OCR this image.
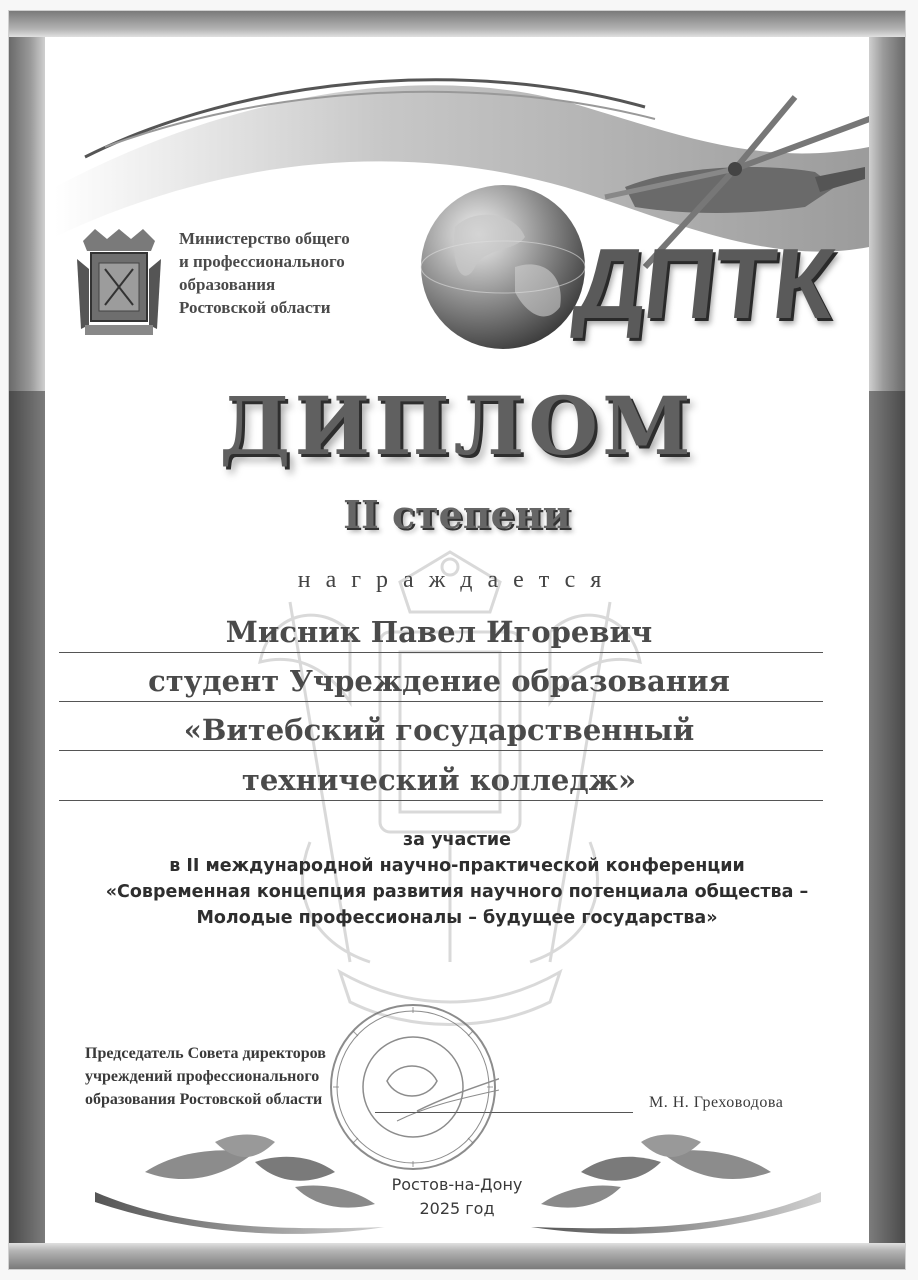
Министерство общего
и профессионального
образования
Ростовской области	ДПТК
ДИПЛОМ
II степени
награждается
Мисник Павел Игоревич
студент Учреждение образования
«Витебский государственный
технический колледж»
за участие
в II международной научно-практической конференции
«Современная концепция развития научного потенциала общества –
Молодые профессионалы – будущее государства»
Председатель Совета директоров
учреждений профессионального
образования Ростовской области	М. Н. Греховодова
Ростов-на-Дону
2025 год
